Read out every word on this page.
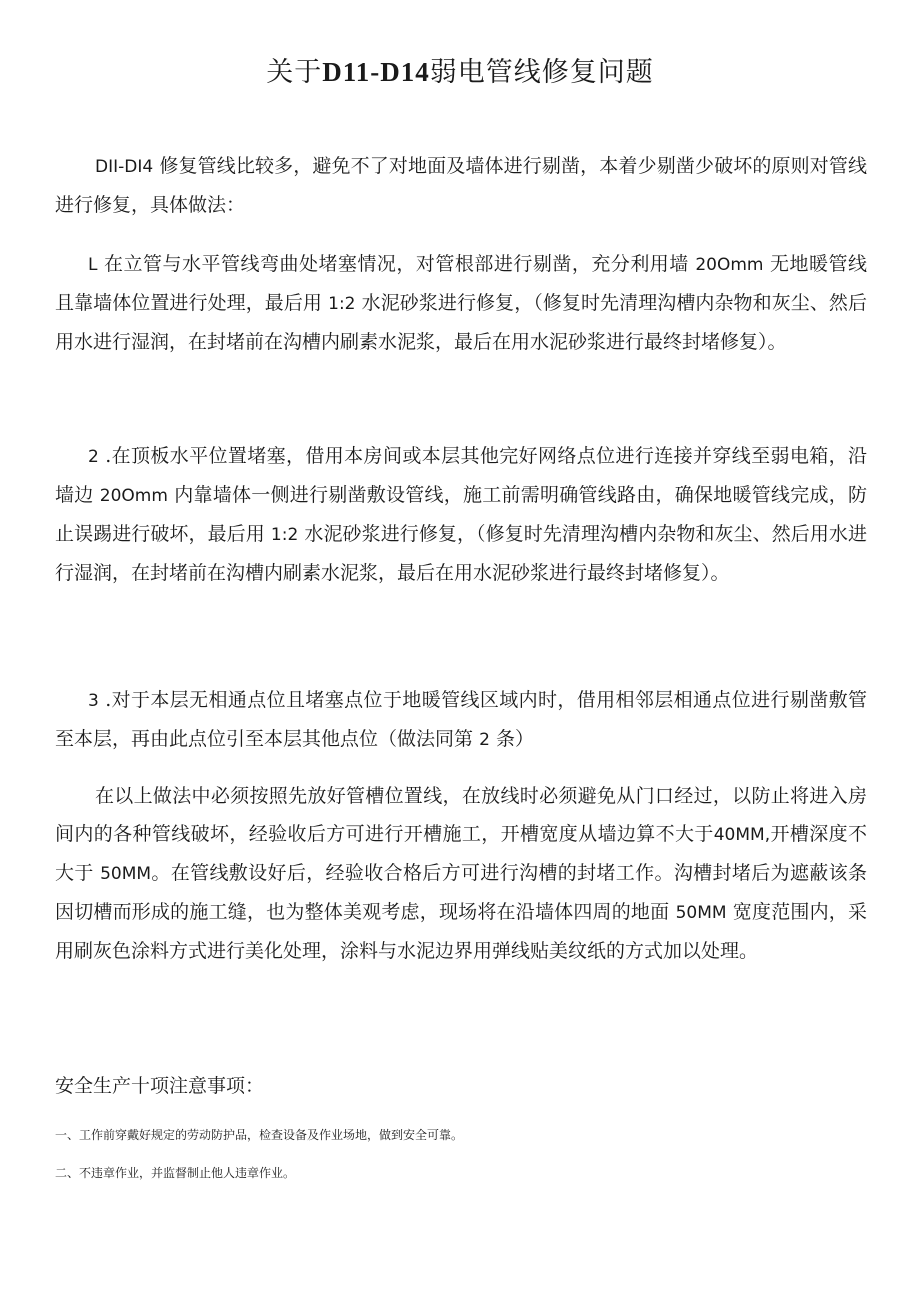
关于D11-D14弱电管线修复问题
DII-DI4 修复管线比较多，避免不了对地面及墙体进行剔凿，本着少剔凿少破坏的原则对管线进行修复，具体做法：
L 在立管与水平管线弯曲处堵塞情况，对管根部进行剔凿，充分利用墙 20Omm 无地暖管线且靠墙体位置进行处理，最后用 1:2 水泥砂浆进行修复，（修复时先清理沟槽内杂物和灰尘、然后用水进行湿润，在封堵前在沟槽内刷素水泥浆，最后在用水泥砂浆进行最终封堵修复）。
2 .在顶板水平位置堵塞，借用本房间或本层其他完好网络点位进行连接并穿线至弱电箱，沿墙边 20Omm 内靠墙体一侧进行剔凿敷设管线，施工前需明确管线路由，确保地暖管线完成，防止误踢进行破坏，最后用 1:2 水泥砂浆进行修复，（修复时先清理沟槽内杂物和灰尘、然后用水进行湿润，在封堵前在沟槽内刷素水泥浆，最后在用水泥砂浆进行最终封堵修复）。
3 .对于本层无相通点位且堵塞点位于地暖管线区域内时，借用相邻层相通点位进行剔凿敷管至本层，再由此点位引至本层其他点位（做法同第 2 条）
在以上做法中必须按照先放好管槽位置线，在放线时必须避免从门口经过，以防止将进入房间内的各种管线破坏，经验收后方可进行开槽施工，开槽宽度从墙边算不大于40MM,开槽深度不大于 50MM。在管线敷设好后，经验收合格后方可进行沟槽的封堵工作。沟槽封堵后为遮蔽该条因切槽而形成的施工缝，也为整体美观考虑，现场将在沿墙体四周的地面 50MM 宽度范围内，采用刷灰色涂料方式进行美化处理，涂料与水泥边界用弹线贴美纹纸的方式加以处理。
安全生产十项注意事项：
一、工作前穿戴好规定的劳动防护品，检查设备及作业场地，做到安全可靠。
二、不违章作业，并监督制止他人违章作业。
